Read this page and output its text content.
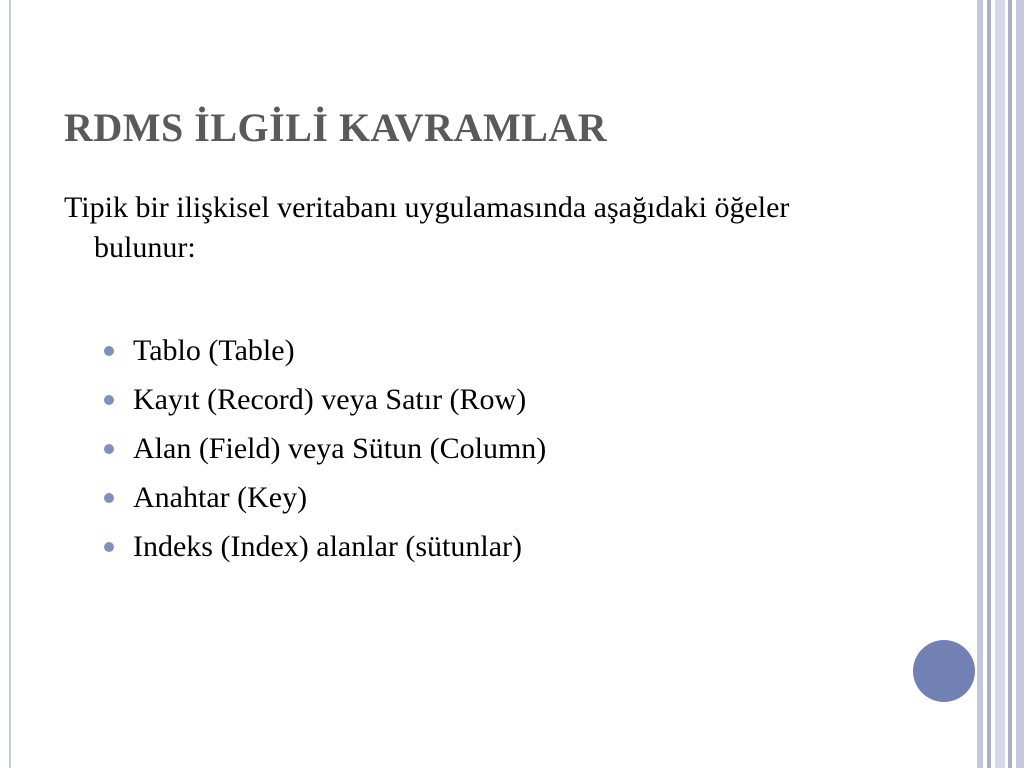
RDMS İLGİLİ KAVRAMLAR

Tipik bir ilişkisel veritabanı uygulamasında aşağıdaki öğeler bulunur:

Tablo (Table)
Kayıt (Record) veya Satır (Row)
Alan (Field) veya Sütun (Column)
Anahtar (Key)
Indeks (Index) alanlar (sütunlar)
